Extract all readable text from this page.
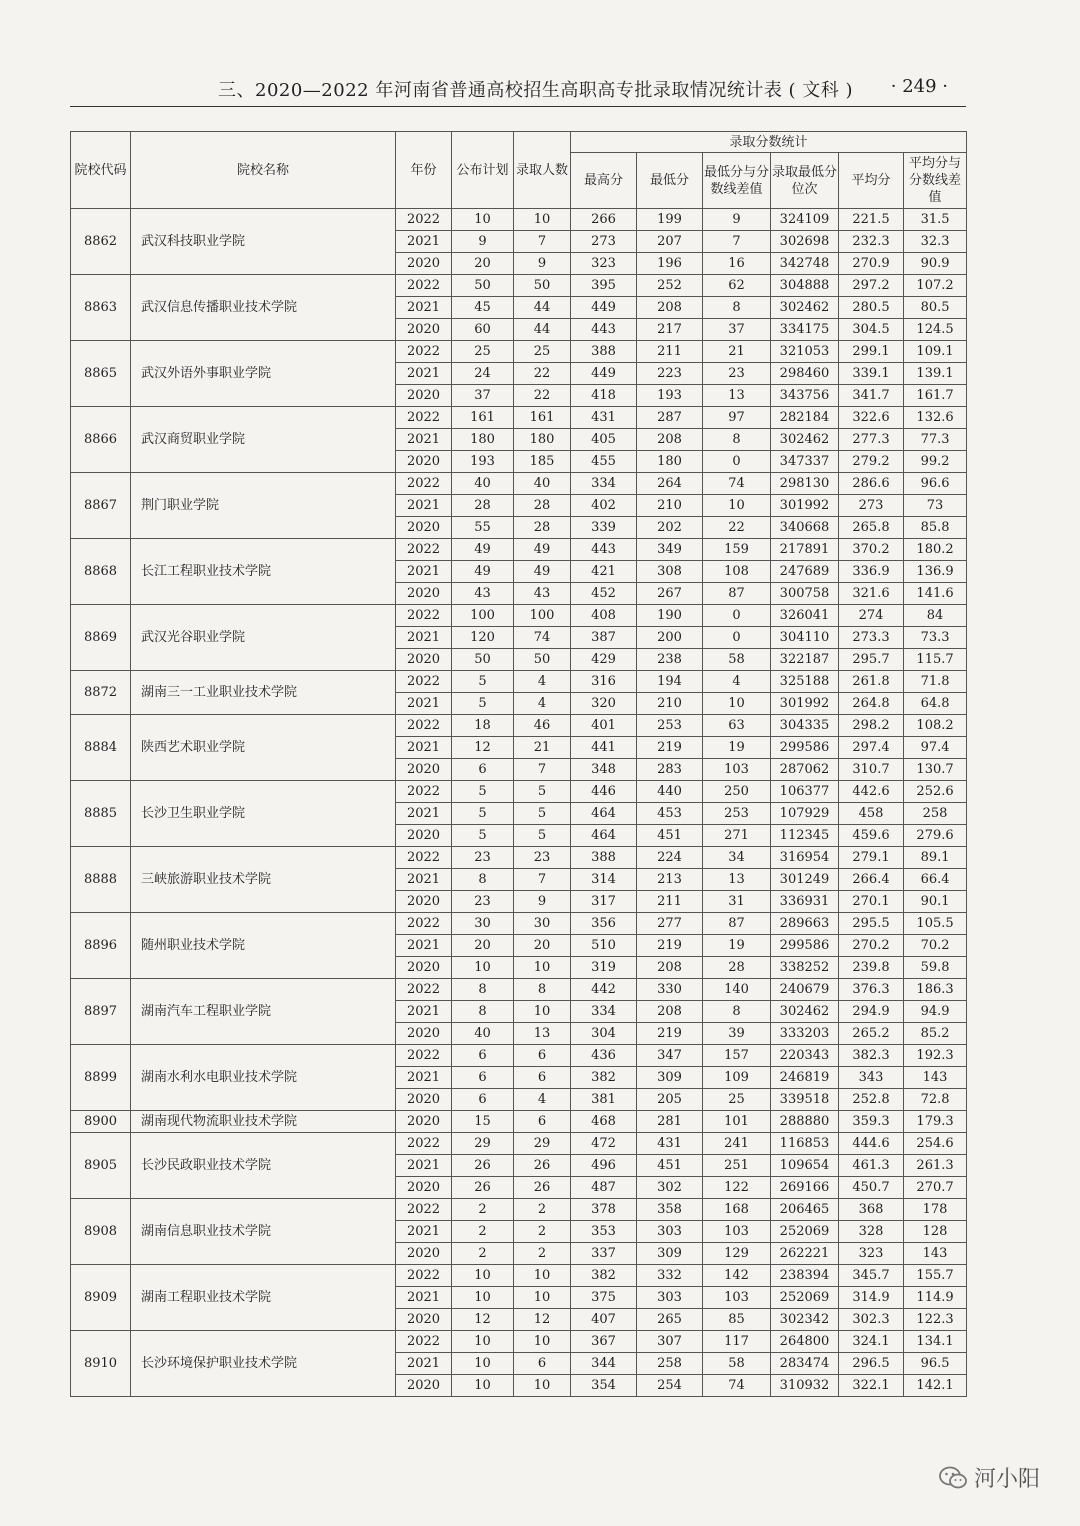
三、2020—2022 年河南省普通高校招生高职高专批录取情况统计表 ( 文科 ) · 249 ·
院校代码	院校名称	年份	公布计划	录取人数	录取分数统计					
					最高分	最低分	最低分与分数线差值	录取最低分位次	平均分	平均分与分数线差值
8862	武汉科技职业学院	2022	10	10	266	199	9	324109	221.5	31.5
		2021	9	7	273	207	7	302698	232.3	32.3
		2020	20	9	323	196	16	342748	270.9	90.9
8863	武汉信息传播职业技术学院	2022	50	50	395	252	62	304888	297.2	107.2
		2021	45	44	449	208	8	302462	280.5	80.5
		2020	60	44	443	217	37	334175	304.5	124.5
8865	武汉外语外事职业学院	2022	25	25	388	211	21	321053	299.1	109.1
		2021	24	22	449	223	23	298460	339.1	139.1
		2020	37	22	418	193	13	343756	341.7	161.7
8866	武汉商贸职业学院	2022	161	161	431	287	97	282184	322.6	132.6
		2021	180	180	405	208	8	302462	277.3	77.3
		2020	193	185	455	180	0	347337	279.2	99.2
8867	荆门职业学院	2022	40	40	334	264	74	298130	286.6	96.6
		2021	28	28	402	210	10	301992	273	73
		2020	55	28	339	202	22	340668	265.8	85.8
8868	长江工程职业技术学院	2022	49	49	443	349	159	217891	370.2	180.2
		2021	49	49	421	308	108	247689	336.9	136.9
		2020	43	43	452	267	87	300758	321.6	141.6
8869	武汉光谷职业学院	2022	100	100	408	190	0	326041	274	84
		2021	120	74	387	200	0	304110	273.3	73.3
		2020	50	50	429	238	58	322187	295.7	115.7
8872	湖南三一工业职业技术学院	2022	5	4	316	194	4	325188	261.8	71.8
		2021	5	4	320	210	10	301992	264.8	64.8
8884	陕西艺术职业学院	2022	18	46	401	253	63	304335	298.2	108.2
		2021	12	21	441	219	19	299586	297.4	97.4
		2020	6	7	348	283	103	287062	310.7	130.7
8885	长沙卫生职业学院	2022	5	5	446	440	250	106377	442.6	252.6
		2021	5	5	464	453	253	107929	458	258
		2020	5	5	464	451	271	112345	459.6	279.6
8888	三峡旅游职业技术学院	2022	23	23	388	224	34	316954	279.1	89.1
		2021	8	7	314	213	13	301249	266.4	66.4
		2020	23	9	317	211	31	336931	270.1	90.1
8896	随州职业技术学院	2022	30	30	356	277	87	289663	295.5	105.5
		2021	20	20	510	219	19	299586	270.2	70.2
		2020	10	10	319	208	28	338252	239.8	59.8
8897	湖南汽车工程职业学院	2022	8	8	442	330	140	240679	376.3	186.3
		2021	8	10	334	208	8	302462	294.9	94.9
		2020	40	13	304	219	39	333203	265.2	85.2
8899	湖南水利水电职业技术学院	2022	6	6	436	347	157	220343	382.3	192.3
		2021	6	6	382	309	109	246819	343	143
		2020	6	4	381	205	25	339518	252.8	72.8
8900	湖南现代物流职业技术学院	2020	15	6	468	281	101	288880	359.3	179.3
8905	长沙民政职业技术学院	2022	29	29	472	431	241	116853	444.6	254.6
		2021	26	26	496	451	251	109654	461.3	261.3
		2020	26	26	487	302	122	269166	450.7	270.7
8908	湖南信息职业技术学院	2022	2	2	378	358	168	206465	368	178
		2021	2	2	353	303	103	252069	328	128
		2020	2	2	337	309	129	262221	323	143
8909	湖南工程职业技术学院	2022	10	10	382	332	142	238394	345.7	155.7
		2021	10	10	375	303	103	252069	314.9	114.9
		2020	12	12	407	265	85	302342	302.3	122.3
8910	长沙环境保护职业技术学院	2022	10	10	367	307	117	264800	324.1	134.1
		2021	10	6	344	258	58	283474	296.5	96.5
		2020	10	10	354	254	74	310932	322.1	142.1
河小阳
